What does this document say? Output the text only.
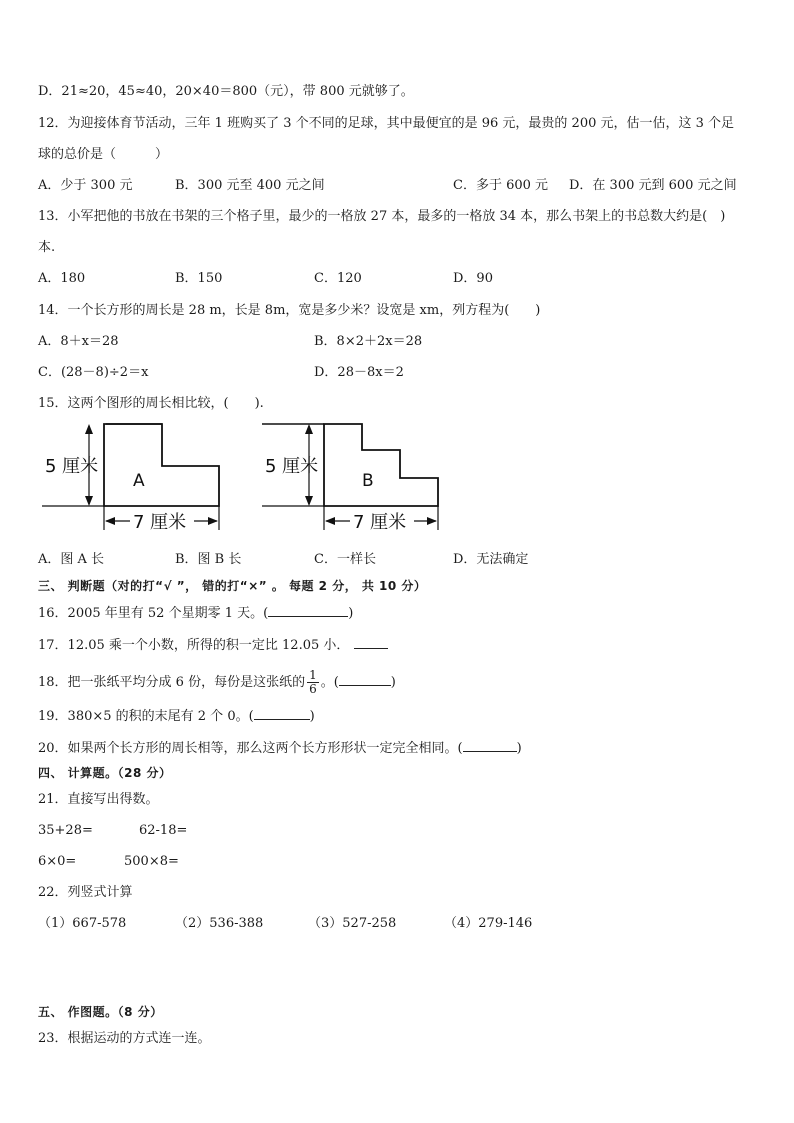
D．21≈20，45≈40，20×40＝800（元），带 800 元就够了。
12．为迎接体育节活动，三年 1 班购买了 3 个不同的足球，其中最便宜的是 96 元，最贵的 200 元，估一估，这 3 个足
球的总价是（　　　）
A．少于 300 元	B．300 元至 400 元之间	C．多于 600 元 D．在 300 元到 600 元之间
13．小军把他的书放在书架的三个格子里，最少的一格放 27 本，最多的一格放 34 本，那么书架上的书总数大约是(　)
本.
A．180	B．150	C．120	D．90
14．一个长方形的周长是 28 m，长是 8m，宽是多少米？设宽是 xm，列方程为(　　)
A．8＋x＝28	B．8×2＋2x＝28
C．(28－8)÷2＝x	D．28－8x＝2
15．这两个图形的周长相比较，(　　).
5 厘米
7 厘米
A
5 厘米
7 厘米
B
A．图 A 长	B．图 B 长	C．一样长	D．无法确定
三、 判断题（对的打“√ ”， 错的打“×” 。 每题 2 分， 共 10 分）
16．2005 年里有 52 个星期零 1 天。(	)
17．12.05 乘一个小数，所得的积一定比 12.05 小．
18．把一张纸平均分成 6 份，每份是这张纸的 $\frac{1}{6}$ 。(	)
19．380×5 的积的末尾有 2 个 0。(	)
20．如果两个长方形的周长相等，那么这两个长方形形状一定完全相同。(	)
四、 计算题。（28 分）
21．直接写出得数。
35+28=	62-18=
6×0=	500×8=
22．列竖式计算
（1）667-578	（2）536-388	（3）527-258	（4）279-146
五、 作图题。（8 分）
23．根据运动的方式连一连。
